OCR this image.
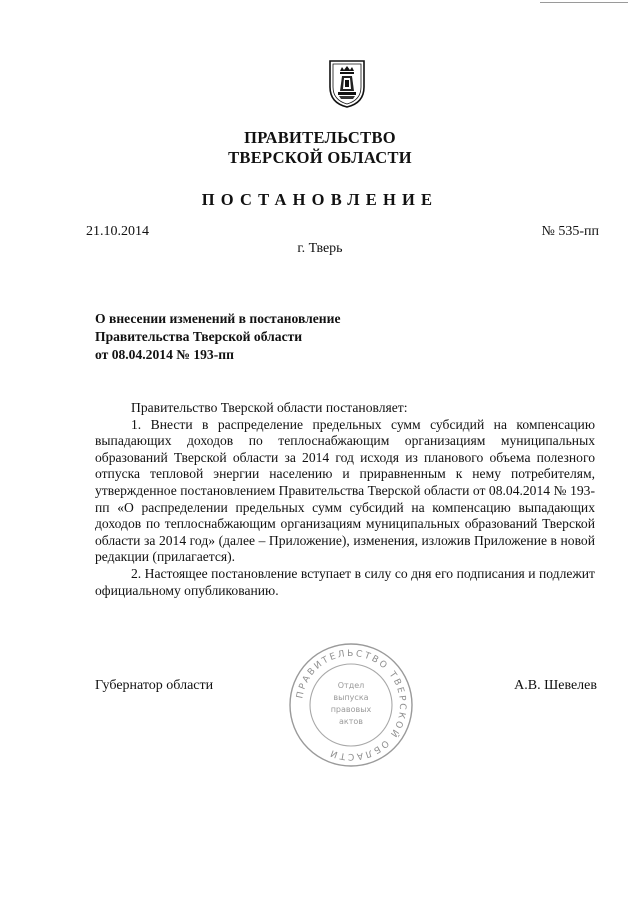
ПРАВИТЕЛЬСТВО
ТВЕРСКОЙ ОБЛАСТИ
ПОСТАНОВЛЕНИЕ
21.10.2014	№ 535-пп
г. Тверь
О внесении изменений в постановление
Правительства Тверской области
от 08.04.2014 № 193-пп

Правительство Тверской области постановляет:

1. Внести в распределение предельных сумм субсидий на компенсацию выпадающих доходов по теплоснабжающим организациям муниципальных образований Тверской области за 2014 год исходя из планового объема полезного отпуска тепловой энергии населению и приравненным к нему потребителям, утвержденное постановлением Правительства Тверской области от 08.04.2014 № 193-пп «О распределении предельных сумм субсидий на компенсацию выпадающих доходов по теплоснабжающим организациям муниципальных образований Тверской области за 2014 год» (далее – Приложение), изменения, изложив Приложение в новой редакции (прилагается).

2. Настоящее постановление вступает в силу со дня его подписания и подлежит официальному опубликованию.

Губернатор области	А.В. Шевелев
ПРАВИТЕЛЬСТВО ТВЕРСКОЙ ОБЛАСТИ
Отдел
выпуска
правовых
актов
